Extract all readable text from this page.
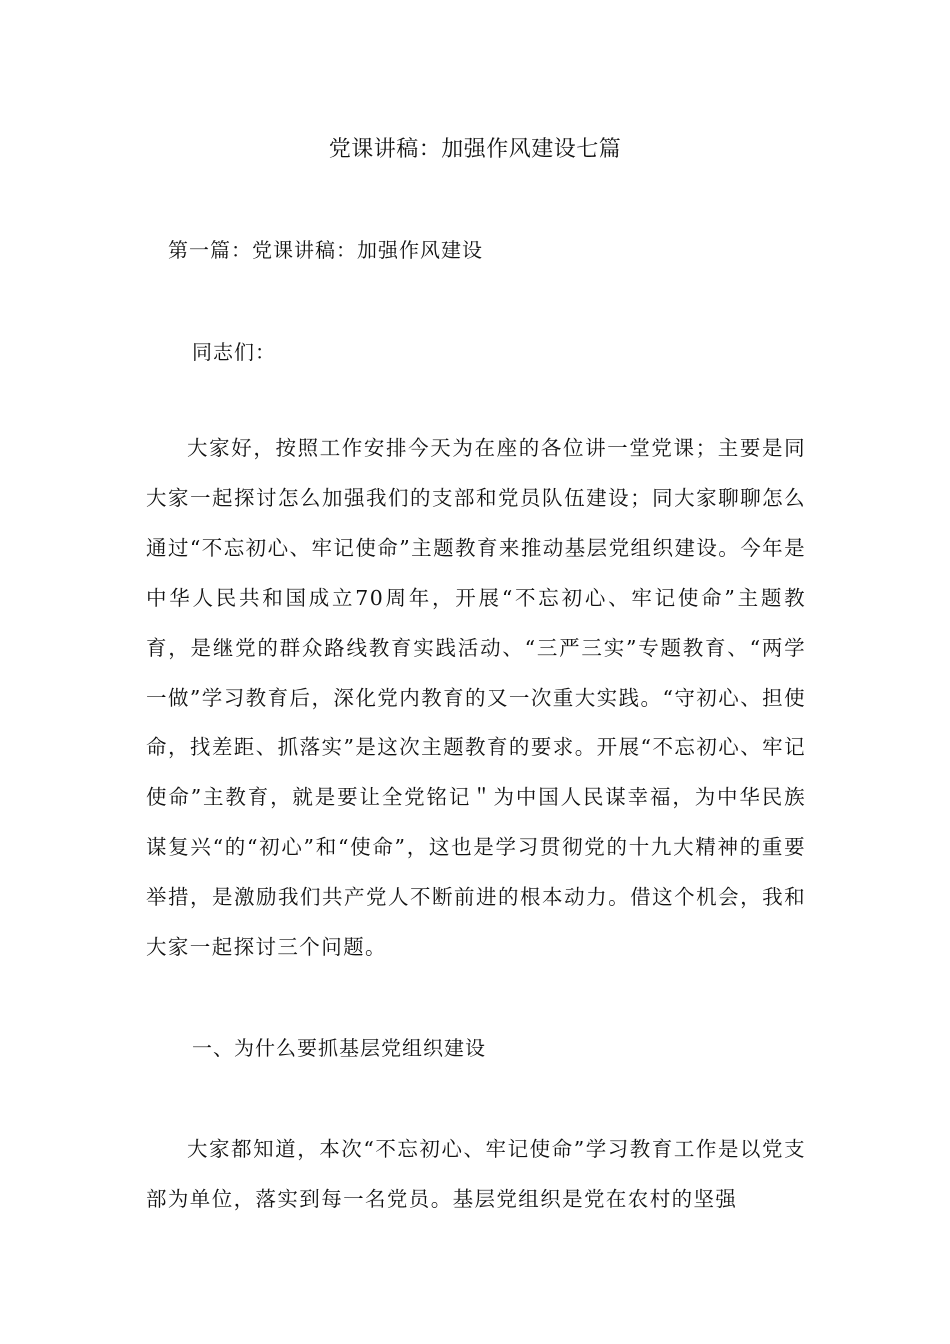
党课讲稿：加强作风建设七篇
第一篇：党课讲稿：加强作风建设
同志们：

大家好，按照工作安排今天为在座的各位讲一堂党课；主要是同大家一起探讨怎么加强我们的支部和党员队伍建设；同大家聊聊怎么通过“不忘初心、牢记使命”主题教育来推动基层党组织建设。今年是中华人民共和国成立70周年，开展“不忘初心、牢记使命”主题教育，是继党的群众路线教育实践活动、“三严三实”专题教育、“两学一做”学习教育后，深化党内教育的又一次重大实践。“守初心、担使命，找差距、抓落实”是这次主题教育的要求。开展“不忘初心、牢记使命”主教育，就是要让全党铭记＂为中国人民谋幸福，为中华民族谋复兴“的“初心”和“使命”，这也是学习贯彻党的十九大精神的重要举措，是激励我们共产党人不断前进的根本动力。借这个机会，我和大家一起探讨三个问题。

一、为什么要抓基层党组织建设

大家都知道，本次“不忘初心、牢记使命”学习教育工作是以党支部为单位，落实到每一名党员。基层党组织是党在农村的坚强
